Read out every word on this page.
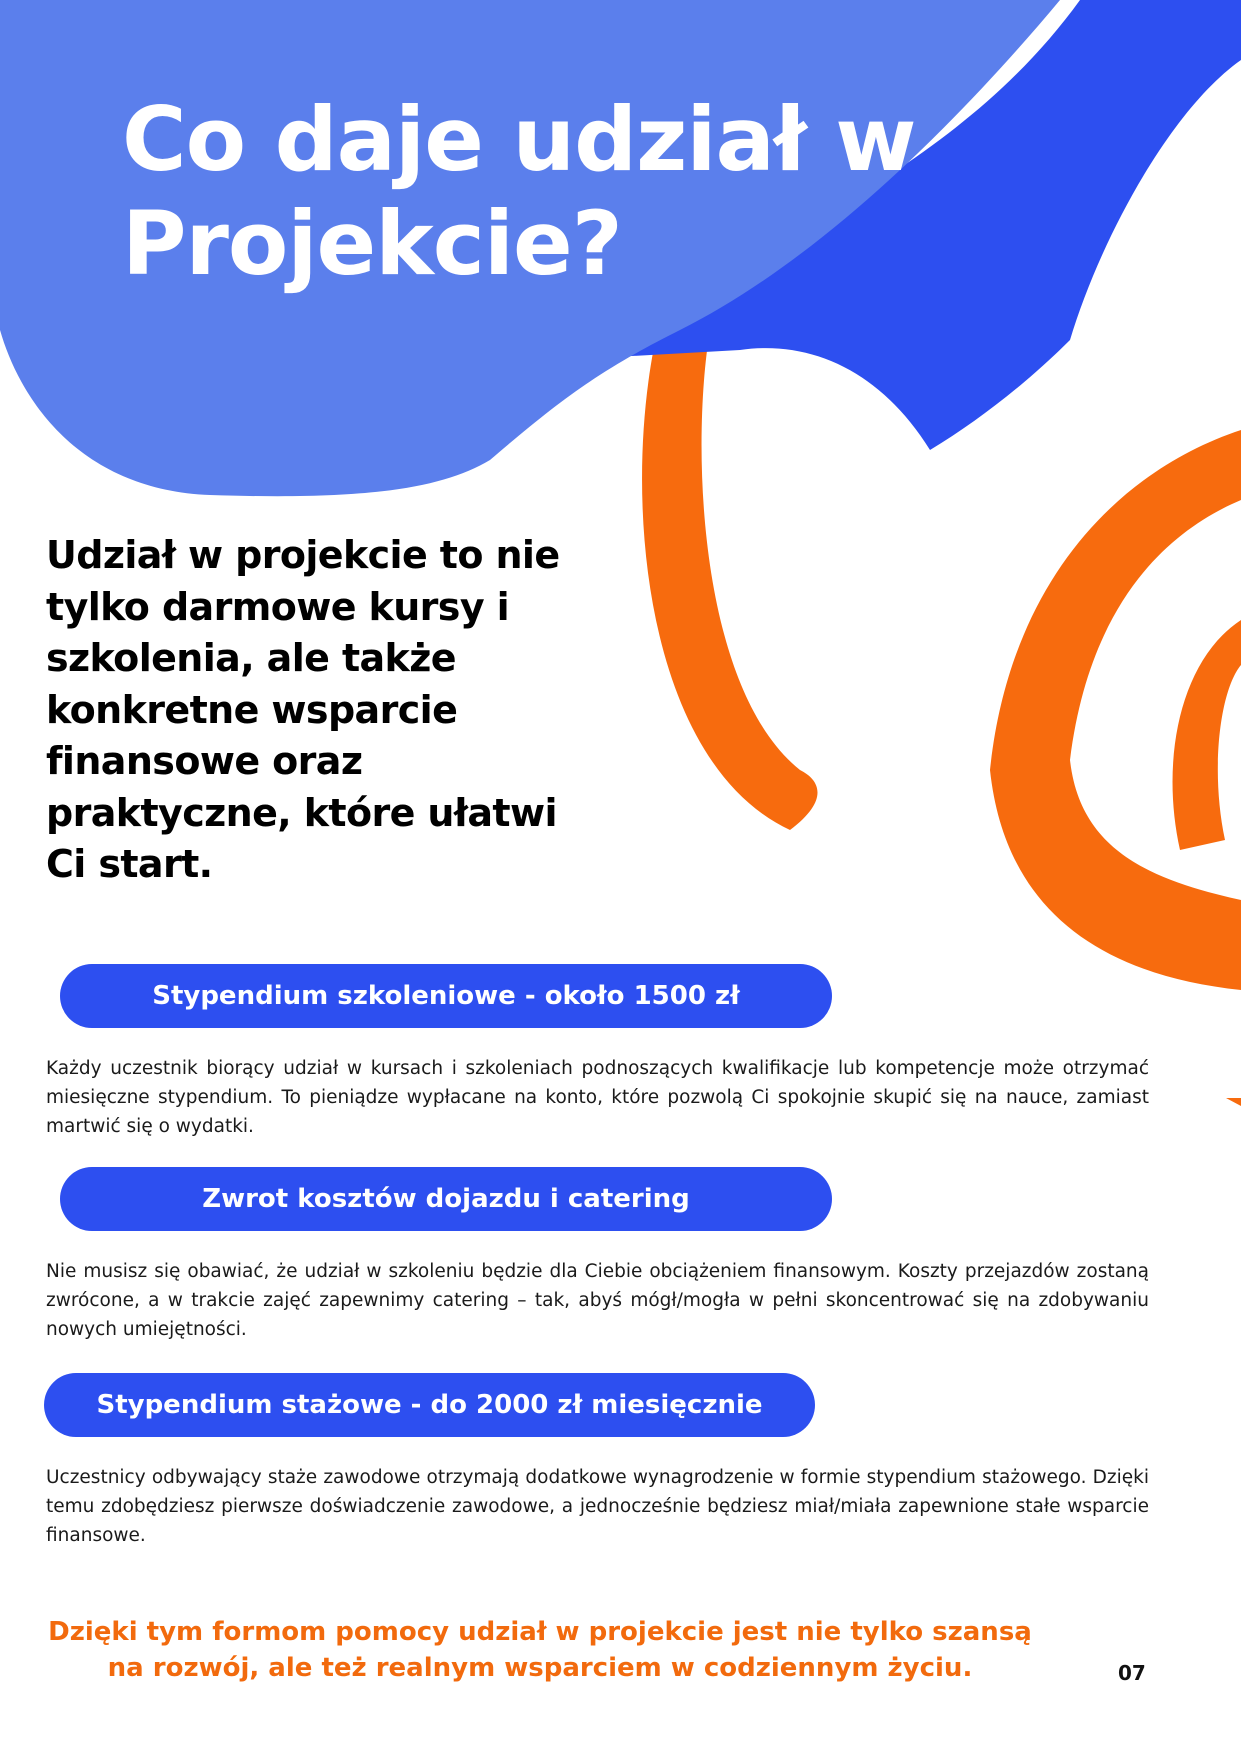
Co daje udział w
Projekcie?

Udział w projekcie to nie tylko darmowe kursy i szkolenia, ale także konkretne wsparcie finansowe oraz praktyczne, które ułatwi Ci start.

Stypendium szkoleniowe - około 1500 zł

Każdy uczestnik biorący udział w kursach i szkoleniach podnoszących kwalifikacje lub kompetencje może otrzymać miesięczne stypendium. To pieniądze wypłacane na konto, które pozwolą Ci spokojnie skupić się na nauce, zamiast martwić się o wydatki.

Zwrot kosztów dojazdu i catering

Nie musisz się obawiać, że udział w szkoleniu będzie dla Ciebie obciążeniem finansowym. Koszty przejazdów zostaną zwrócone, a w trakcie zajęć zapewnimy catering – tak, abyś mógł/mogła w pełni skoncentrować się na zdobywaniu nowych umiejętności.

Stypendium stażowe - do 2000 zł miesięcznie

Uczestnicy odbywający staże zawodowe otrzymają dodatkowe wynagrodzenie w formie stypendium stażowego. Dzięki temu zdobędziesz pierwsze doświadczenie zawodowe, a jednocześnie będziesz miał/miała zapewnione stałe wsparcie finansowe.

Dzięki tym formom pomocy udział w projekcie jest nie tylko szansą
na rozwój, ale też realnym wsparciem w codziennym życiu.	07
